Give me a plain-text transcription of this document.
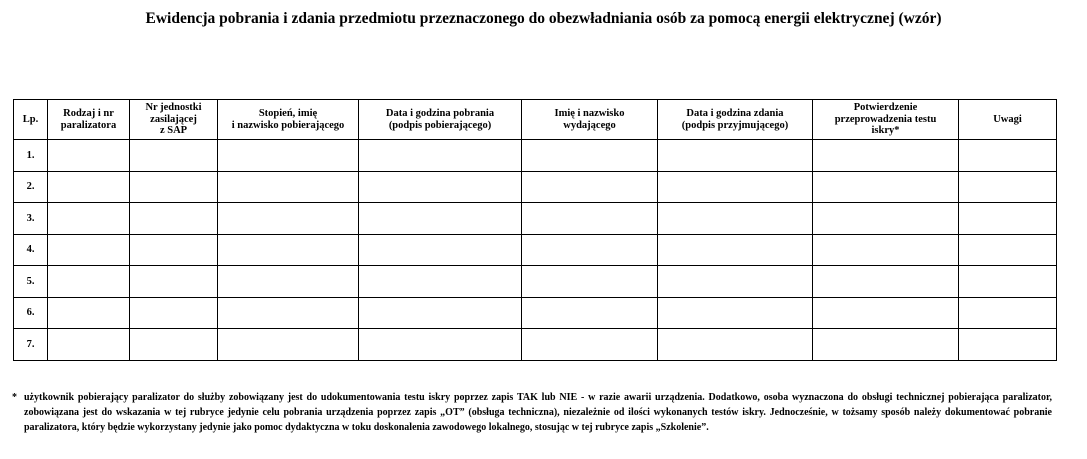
Ewidencja pobrania i zdania przedmiotu przeznaczonego do obezwładniania osób za pomocą energii elektrycznej (wzór)
Lp.	Rodzaj i nr
paralizatora	Nr jednostki
zasilającej
z SAP	Stopień, imię
i nazwisko pobierającego	Data i godzina pobrania
(podpis pobierającego)	Imię i nazwisko
wydającego	Data i godzina zdania
(podpis przyjmującego)	Potwierdzenie
przeprowadzenia testu
iskry*	Uwagi
1.								
2.								
3.								
4.								
5.								
6.								
7.								
* użytkownik pobierający paralizator do służby zobowiązany jest do udokumentowania testu iskry poprzez zapis TAK lub NIE - w razie awarii urządzenia. Dodatkowo, osoba wyznaczona do obsługi technicznej pobierająca paralizator, zobowiązana jest do wskazania w tej rubryce jedynie celu pobrania urządzenia poprzez zapis „OT” (obsługa techniczna), niezależnie od ilości wykonanych testów iskry. Jednocześnie, w tożsamy sposób należy dokumentować pobranie paralizatora, który będzie wykorzystany jedynie jako pomoc dydaktyczna w toku doskonalenia zawodowego lokalnego, stosując w tej rubryce zapis „Szkolenie”.
